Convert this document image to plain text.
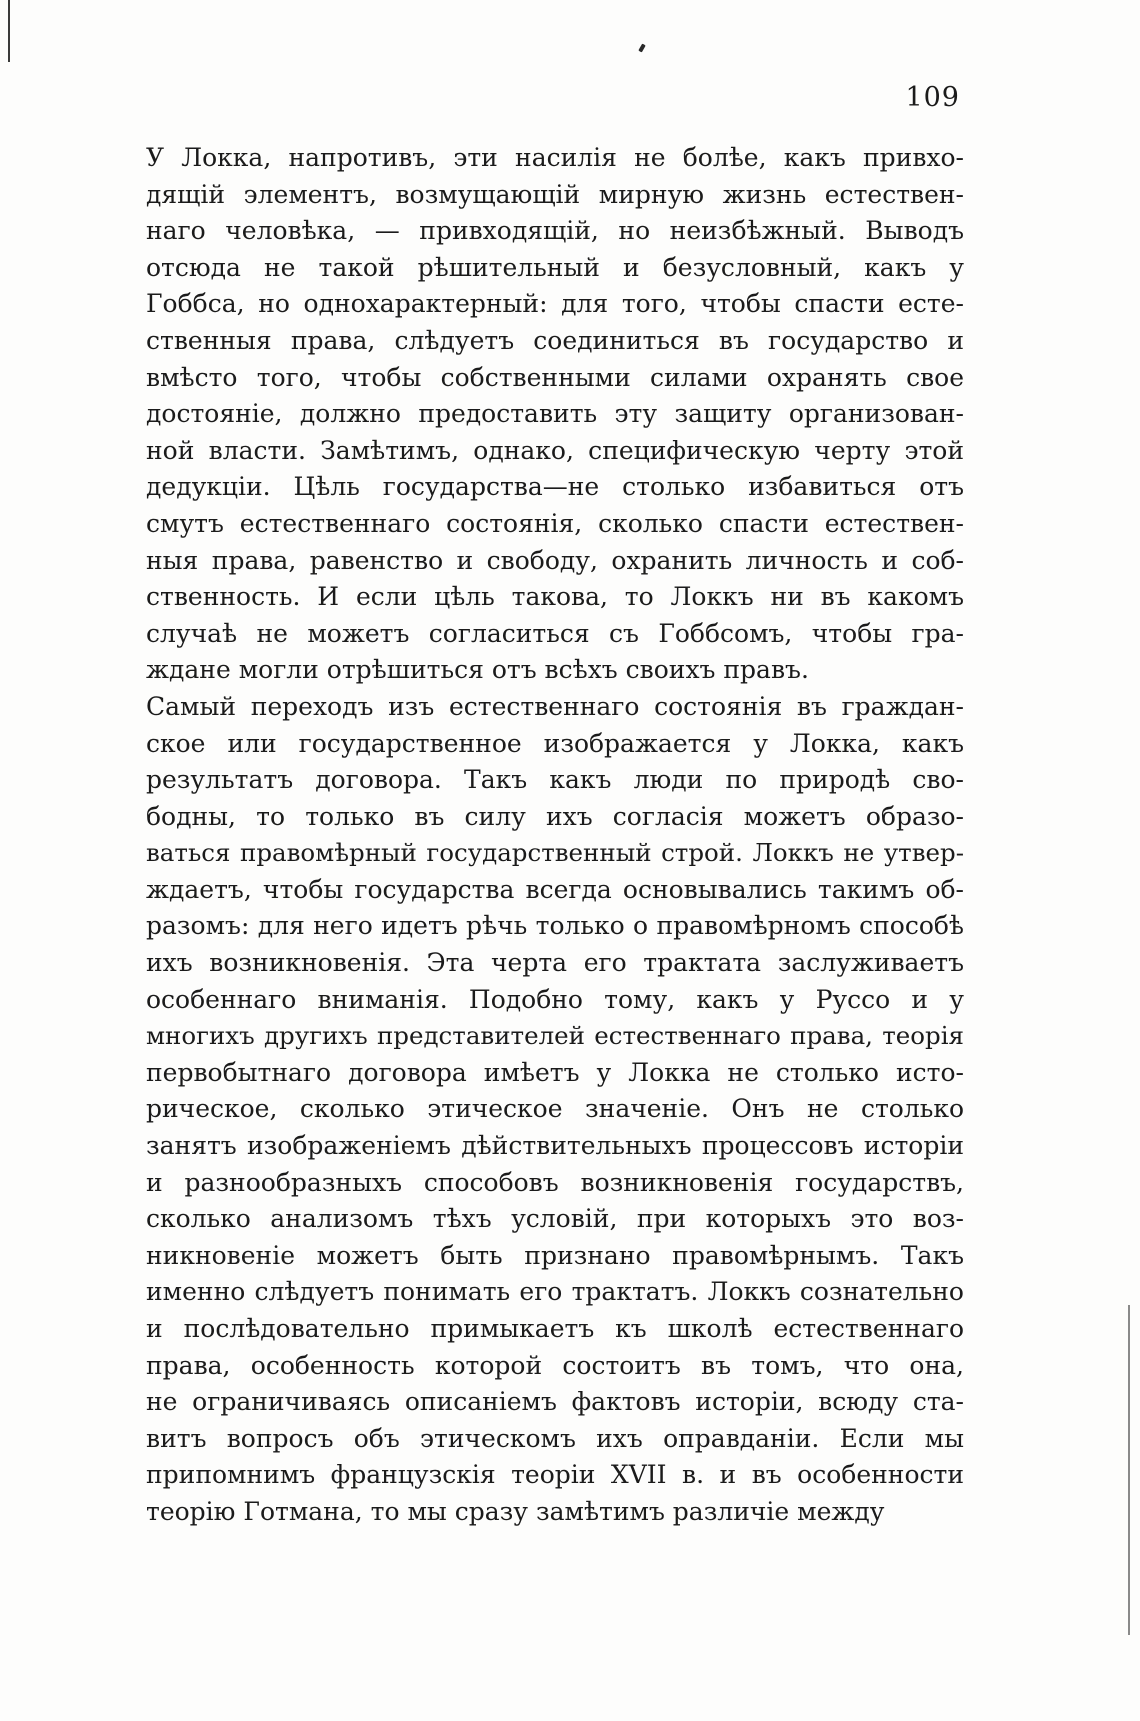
109

У Локка, напротивъ, эти насилія не болѣе, какъ привхо-
дящій элементъ, возмущающій мирную жизнь естествен-
наго человѣка, — привходящій, но неизбѣжный. Выводъ
отсюда не такой рѣшительный и безусловный, какъ у
Гоббса, но однохарактерный: для того, чтобы спасти есте-
ственныя права, слѣдуетъ соединиться въ государство и
вмѣсто того, чтобы собственными силами охранять свое
достояніе, должно предоставить эту защиту организован-
ной власти. Замѣтимъ, однако, специфическую черту этой
дедукціи. Цѣль государства—не столько избавиться отъ
смутъ естественнаго состоянія, сколько спасти естествен-
ныя права, равенство и свободу, охранить личность и соб-
ственность. И если цѣль такова, то Локкъ ни въ какомъ
случаѣ не можетъ согласиться съ Гоббсомъ, чтобы гра-
ждане могли отрѣшиться отъ всѣхъ своихъ правъ.

Самый переходъ изъ естественнаго состоянія въ граждан-
ское или государственное изображается у Локка, какъ
результатъ договора. Такъ какъ люди по природѣ сво-
бодны, то только въ силу ихъ согласія можетъ образо-
ваться правомѣрный государственный строй. Локкъ не утвер-
ждаетъ, чтобы государства всегда основывались такимъ об-
разомъ: для него идетъ рѣчь только о правомѣрномъ способѣ
ихъ возникновенія. Эта черта его трактата заслуживаетъ
особеннаго вниманія. Подобно тому, какъ у Руссо и у
многихъ другихъ представителей естественнаго права, теорія
первобытнаго договора имѣетъ у Локка не столько исто-
рическое, сколько этическое значеніе. Онъ не столько
занятъ изображеніемъ дѣйствительныхъ процессовъ исторіи
и разнообразныхъ способовъ возникновенія государствъ,
сколько анализомъ тѣхъ условій, при которыхъ это воз-
никновеніе можетъ быть признано правомѣрнымъ. Такъ
именно слѣдуетъ понимать его трактатъ. Локкъ сознательно
и послѣдовательно примыкаетъ къ школѣ естественнаго
права, особенность которой состоитъ въ томъ, что она,
не ограничиваясь описаніемъ фактовъ исторіи, всюду ста-
витъ вопросъ объ этическомъ ихъ оправданіи. Если мы
припомнимъ французскія теоріи XVII в. и въ особенности
теорію Готмана, то мы сразу замѣтимъ различіе между
